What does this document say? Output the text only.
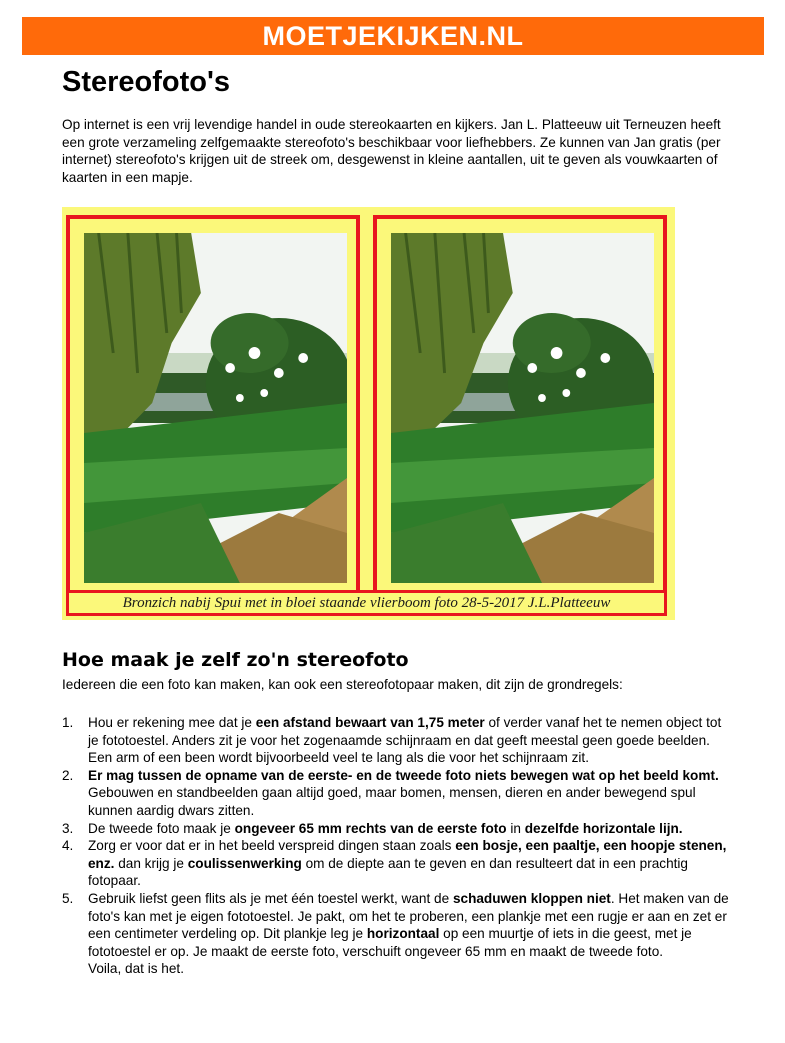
MOETJEKIJKEN.NL
Stereofoto's

Op internet is een vrij levendige handel in oude stereokaarten en kijkers. Jan L. Platteeuw uit Terneuzen heeft een grote verzameling zelfgemaakte stereofoto's beschikbaar voor liefhebbers. Ze kunnen van Jan gratis (per internet) stereofoto's krijgen uit de streek om, desgewenst in kleine aantallen, uit te geven als vouwkaarten of kaarten in een mapje.

Bronzich nabij Spui met in bloei staande vlierboom foto 28-5-2017 J.L.Platteeuw
Hoe maak je zelf zo'n stereofoto

Iedereen die een foto kan maken, kan ook een stereofotopaar maken, dit zijn de grondregels:

1. Hou er rekening mee dat je een afstand bewaart van 1,75 meter of verder vanaf het te nemen object tot je fototoestel. Anders zit je voor het zogenaamde schijnraam en dat geeft meestal geen goede beelden. Een arm of een been wordt bijvoorbeeld veel te lang als die voor het schijnraam zit.
2. Er mag tussen de opname van de eerste- en de tweede foto niets bewegen wat op het beeld komt. Gebouwen en standbeelden gaan altijd goed, maar bomen, mensen, dieren en ander bewegend spul kunnen aardig dwars zitten.
3. De tweede foto maak je ongeveer 65 mm rechts van de eerste foto in dezelfde horizontale lijn.
4. Zorg er voor dat er in het beeld verspreid dingen staan zoals een bosje, een paaltje, een hoopje stenen, enz. dan krijg je coulissenwerking om de diepte aan te geven en dan resulteert dat in een prachtig fotopaar.
5. Gebruik liefst geen flits als je met één toestel werkt, want de schaduwen kloppen niet. Het maken van de foto's kan met je eigen fototoestel. Je pakt, om het te proberen, een plankje met een rugje er aan en zet er een centimeter verdeling op. Dit plankje leg je horizontaal op een muurtje of iets in die geest, met je fototoestel er op. Je maakt de eerste foto, verschuift ongeveer 65 mm en maakt de tweede foto.
Voila, dat is het.
